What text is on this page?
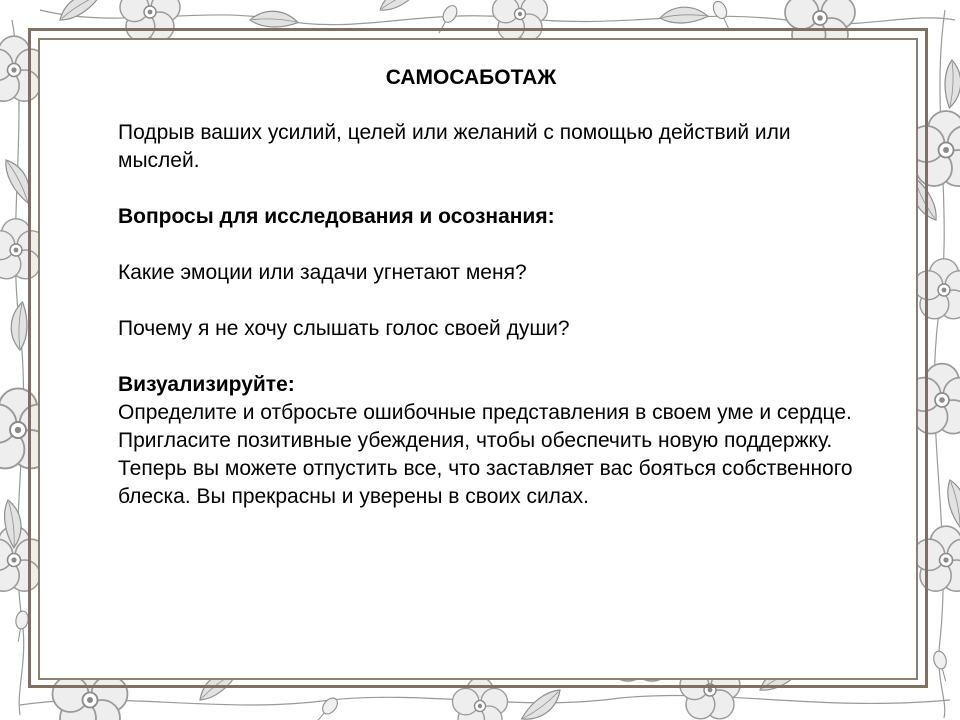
САМОСАБОТАЖ

Подрыв ваших усилий, целей или желаний с помощью действий или мыслей.

Вопросы для исследования и осознания:

Какие эмоции или задачи угнетают меня?

Почему я не хочу слышать голос своей души?

Визуализируйте:

Определите и отбросьте ошибочные представления в своем уме и сердце. Пригласите позитивные убеждения, чтобы обеспечить новую поддержку. Теперь вы можете отпустить все, что заставляет вас бояться собственного блеска. Вы прекрасны и уверены в своих силах.
